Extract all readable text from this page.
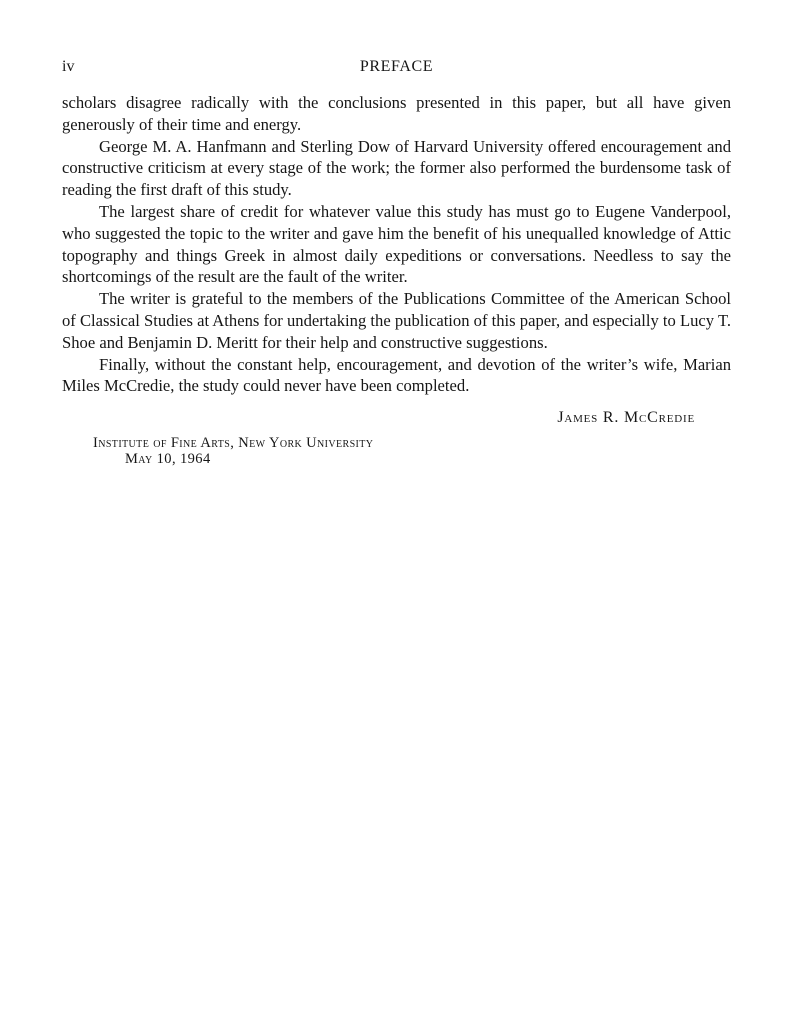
iv	PREFACE

scholars disagree radically with the conclusions presented in this paper, but all have given generously of their time and energy.

George M. A. Hanfmann and Sterling Dow of Harvard University offered encouragement and constructive criticism at every stage of the work; the former also performed the burdensome task of reading the first draft of this study.

The largest share of credit for whatever value this study has must go to Eugene Vanderpool, who suggested the topic to the writer and gave him the benefit of his unequalled knowledge of Attic topography and things Greek in almost daily expeditions or conversations. Needless to say the shortcomings of the result are the fault of the writer.

The writer is grateful to the members of the Publications Committee of the American School of Classical Studies at Athens for undertaking the publication of this paper, and especially to Lucy T. Shoe and Benjamin D. Meritt for their help and constructive suggestions.

Finally, without the constant help, encouragement, and devotion of the writer’s wife, Marian Miles McCredie, the study could never have been completed.

James R. McCredie
Institute of Fine Arts, New York University
May 10, 1964
